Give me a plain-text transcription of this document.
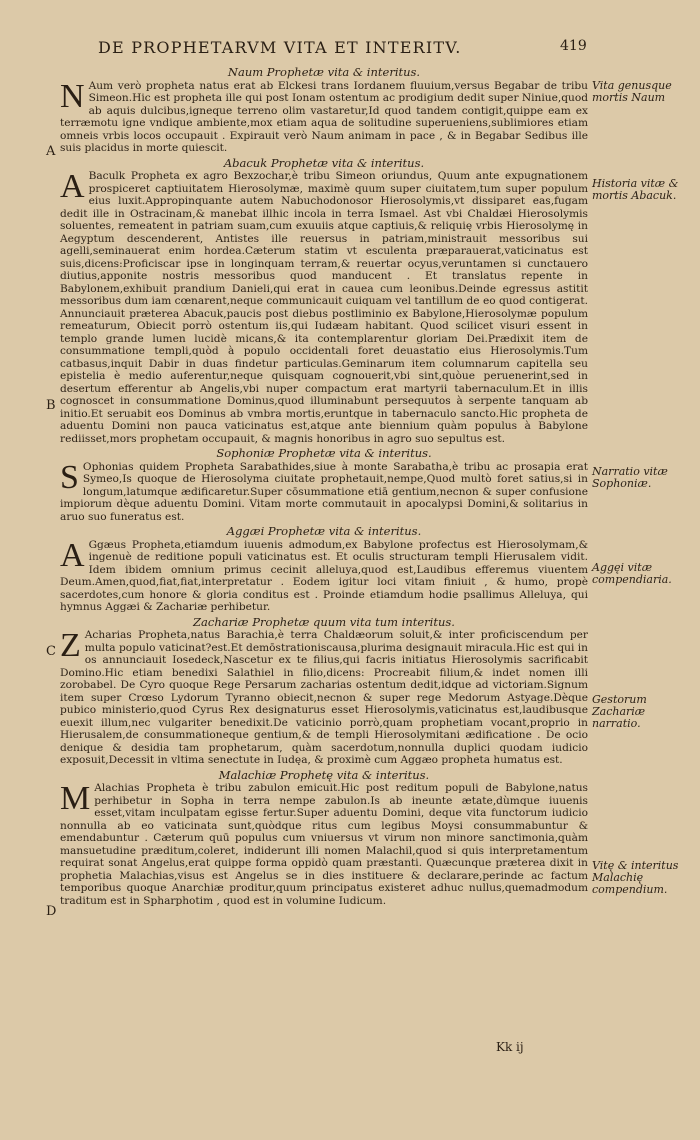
DE PROPHETARVM VITA ET INTERITV.	419
Naum Prophetæ vita & interitus.

N Aum verò propheta natus erat ab Elckesi trans Iordanem fluuium,versus Begabar de tribu Simeon.Hic est propheta ille qui post Ionam ostentum ac prodigium dedit super Niniue,quod ab aquis dulcibus,igneque terreno olim vastaretur,Id quod tandem contigit,quippe eam ex terræmotu igne vndique ambiente,mox etiam aqua de solitudine superueniens,sublimiores etiam omneis vrbis locos occupauit . Expirauit verò Naum animam in pace , & in Begabar Sedibus ille suis placidus in morte quiescit.

Abacuk Prophetæ vita & interitus.

A Baculk Propheta ex agro Bexzochar,è tribu Simeon oriundus, Quum ante expugnationem prospiceret captiuitatem Hierosolymæ, maximè quum super ciuitatem,tum super populum eius luxit.Appropinquante autem Nabuchodonosor Hierosolymis,vt dissiparet eas,fugam dedit ille in Ostracinam,& manebat illhic incola in terra Ismael. Ast vbi Chaldæi Hierosolymis soluentes, remeatent in patriam suam,cum exuuiis atque captiuis,& reliquię vrbis Hierosolymę in Aegyptum descenderent, Antistes ille reuersus in patriam,ministrauit messoribus sui agelli,seminauerat enim hordea.Cæterum statim vt esculenta præparauerat,vaticinatus est suis,dicens:Proficiscar ipse in longinquam terram,& reuertar ocyus,veruntamen si cunctauero diutius,apponite nostris messoribus quod manducent . Et translatus repente in Babylonem,exhibuit prandium Danieli,qui erat in cauea cum leonibus.Deinde egressus astitit messoribus dum iam cœnarent,neque communicauit cuiquam vel tantillum de eo quod contigerat. Annunciauit præterea Abacuk,paucis post diebus postliminio ex Babylone,Hierosolymæ populum remeaturum, Obiecit porrò ostentum iis,qui Iudæam habitant. Quod scilicet visuri essent in templo grande lumen lucidè micans,& ita contemplarentur gloriam Dei.Prædixit item de consummatione templi,quòd à populo occidentali foret deuastatio eius Hierosolymis.Tum catbasus,inquit Dabir in duas findetur particulas.Geminarum item columnarum capitella seu epistelia è medio auferentur,neque quisquam cognouerit,vbi sint,quòue peruenerint,sed in desertum efferentur ab Angelis,vbi nuper compactum erat martyrii tabernaculum.Et in illis cognoscet in consummatione Dominus,quod illuminabunt persequutos à serpente tanquam ab initio.Et seruabit eos Dominus ab vmbra mortis,eruntque in tabernaculo sancto.Hic propheta de aduentu Domini non pauca vaticinatus est,atque ante biennium quàm populus à Babylone rediisset,mors prophetam occupauit, & magnis honoribus in agro suo sepultus est.

Sophoniæ Prophetæ vita & interitus.

S Ophonias quidem Propheta Sarabathides,siue à monte Sarabatha,è tribu ac prosapia erat Symeo,Is quoque de Hierosolyma ciuitate prophetauit,nempe,Quod multò foret satius,si in longum,latumque ædificaretur.Super cōsummatione etiā gentium,necnon & super confusione impiorum dèque aduentu Domini. Vitam morte commutauit in apocalypsi Domini,& solitarius in aruo suo funeratus est.

Aggæi Prophetæ vita & interitus.

A Ggæus Propheta,etiamdum iuuenis admodum,ex Babylone profectus est Hierosolymam,& ingenuè de reditione populi vaticinatus est. Et oculis structuram templi Hierusalem vidit. Idem ibidem omnium primus cecinit alleluya,quod est,Laudibus efferemus viuentem Deum.Amen,quod,fiat,fiat,interpretatur . Eodem igitur loci vitam finiuit , & humo, propè sacerdotes,cum honore & gloria conditus est . Proinde etiamdum hodie psallimus Alleluya, qui hymnus Aggæi & Zachariæ perhibetur.

Zachariæ Prophetæ quum vita tum interitus.

Z Acharias Propheta,natus Barachia,è terra Chaldæorum soluit,& inter proficiscendum per multa populo vaticinat?est.Et demōstrationiscausa,plurima designauit miracula.Hic est qui in os annunciauit Iosedeck,Nascetur ex te filius,qui facris initiatus Hierosolymis sacrificabit Domino.Hic etiam benedixi Salathiel in filio,dicens: Procreabit filium,& indet nomen illi zorobabel. De Cyro quoque Rege Persarum zacharias ostentum dedit,idque ad victoriam.Signum item super Crœso Lydorum Tyranno obiecit,necnon & super rege Medorum Astyage.Dèque pubico ministerio,quod Cyrus Rex designaturus esset Hierosolymis,vaticinatus est,laudibusque euexit illum,nec vulgariter benedixit.De vaticinio porrò,quam prophetiam vocant,proprio in Hierusalem,de consummationeque gentium,& de templi Hierosolymitani ædificatione . De ocio denique & desidia tam prophetarum, quàm sacerdotum,nonnulla duplici quodam iudicio exposuit,Decessit in vltima senectute in Iudęa, & proximè cum Aggæo propheta humatus est.

Malachiæ Prophetę vita & interitus.

M Alachias Propheta è tribu zabulon emicuit.Hic post reditum populi de Babylone,natus perhibetur in Sopha in terra nempe zabulon.Is ab ineunte ætate,dùmque iuuenis esset,vitam inculpatam egisse fertur.Super aduentu Domini, deque vita functorum iudicio nonnulla ab eo vaticinata sunt,quòdque ritus cum legibus Moysi consummabuntur & emendabuntur . Cæterum quū populus cum vniuersus vt virum non minore sanctimonia,quàm mansuetudine præditum,coleret, indiderunt illi nomen Malachil,quod si quis interpretamentum requirat sonat Angelus,erat quippe forma oppidò quam præstanti. Quæcunque præterea dixit in prophetia Malachias,visus est Angelus se in dies instituere & declarare,perinde ac factum temporibus quoque Anarchiæ proditur,quum principatus existeret adhuc nullus,quemadmodum traditum est in Spharphotim , quod est in volumine Iudicum.

Vita genusque mortis Naum
Historia vitæ & mortis Abacuk.
Narratio vitæ Sophoniæ.
Aggęi vitæ compendiaria.
Gestorum Zachariæ narratio.
Vitę & interitus Malachię compendium.
A
B
C
D
Kk ij
